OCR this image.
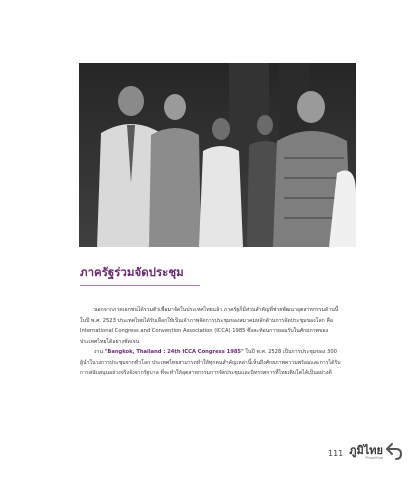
ภาครัฐร่วมจัดประชุม

นอกจากภาคเอกชนได้รวมตัวเพื่อมาจัดในประเทศไทยแล้ว ภาครัฐก็มีส่วนสำคัญที่ช่วยพัฒนาอุตสาหกรรมด้านนี้ ในปี พ.ศ. 2523 ประเทศไทยได้รับเลือกให้เป็นเจ้าภาพจัดการประชุมของสมาคมหลักด้านการจัดประชุมของโลก คือ International Congress and Convention Association (ICCA) 1985 ซึ่งสะท้อนการยอมรับในศักยภาพของประเทศไทยได้อย่างชัดเจน

งาน "Bangkok, Thailand : 24th ICCA Congress 1985" ในปี พ.ศ. 2528 เป็นการประชุมของ 300 ผู้นำในวงการประชุมจากทั่วโลก ประเทศไทยสามารถทำให้ทุกคนสำคัญเหล่านี้เห็นถึงศักยภาพความพร้อมและการได้รับการสนับสนุนอย่างจริงจังจากรัฐบาล ที่จะทำให้อุตสาหกรรมการจัดประชุมและนิทรรศการที่ไทยเติบโตได้เป็นอย่างดี

111 ภูมิไทย
Phumithai
